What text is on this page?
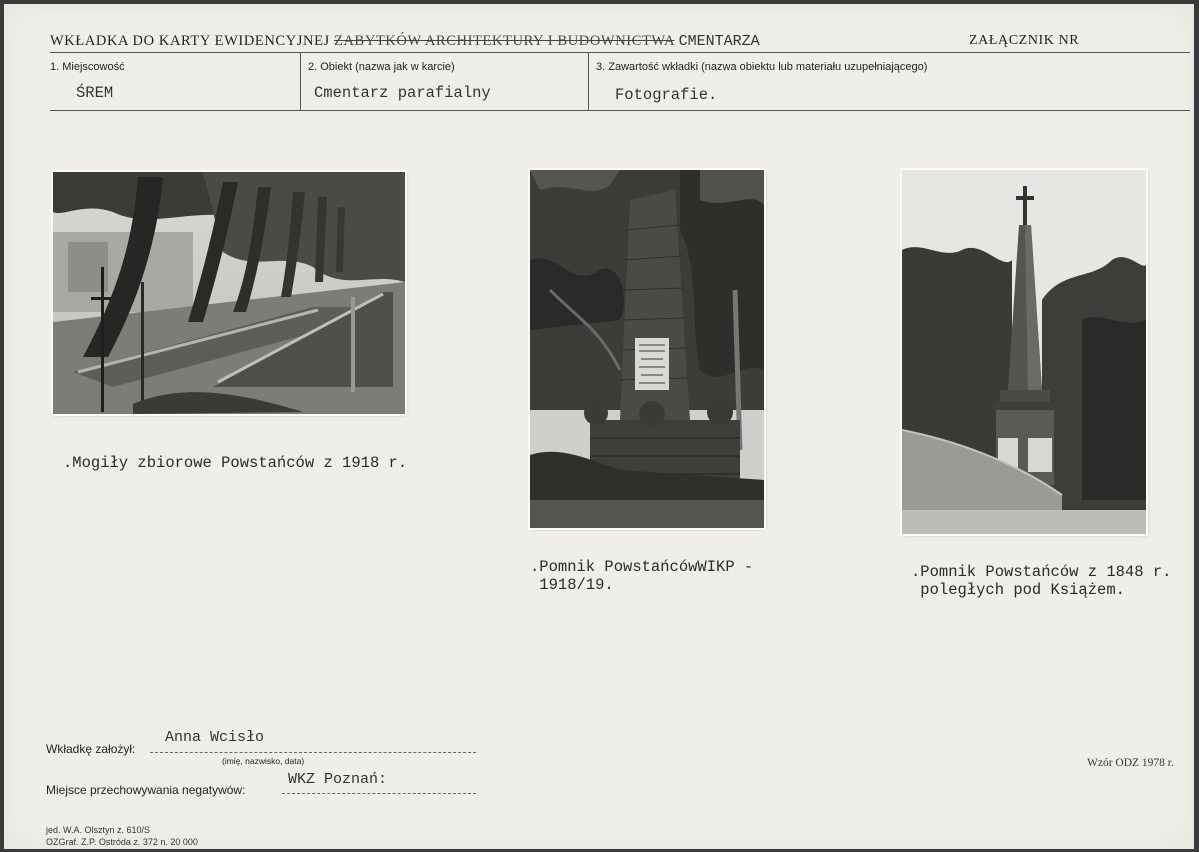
WKŁADKA DO KARTY EWIDENCYJNEJ ZABYTKÓW ARCHITEKTURY I BUDOWNICTWA CMENTARZA	ZAŁĄCZNIK NR
1. Miejscowość
ŚREM
2. Obiekt (nazwa jak w karcie)
Cmentarz parafialny
3. Zawartość wkładki (nazwa obiektu lub materiału uzupełniającego)
Fotografie.
.Mogiły zbiorowe Powstańców z 1918 r.
.Pomnik PowstańcówWIKP -
1918/19.
.Pomnik Powstańców z 1848 r.
poległych pod Książem.
Wkładkę założył:
Anna Wcisło
(imię, nazwisko, data)
Miejsce przechowywania negatywów:
WKZ Poznań:
Wzór ODZ 1978 r.
jed. W.A. Olsztyn z. 610/S
OZGraf. Z.P. Ostróda z. 372 n. 20 000
